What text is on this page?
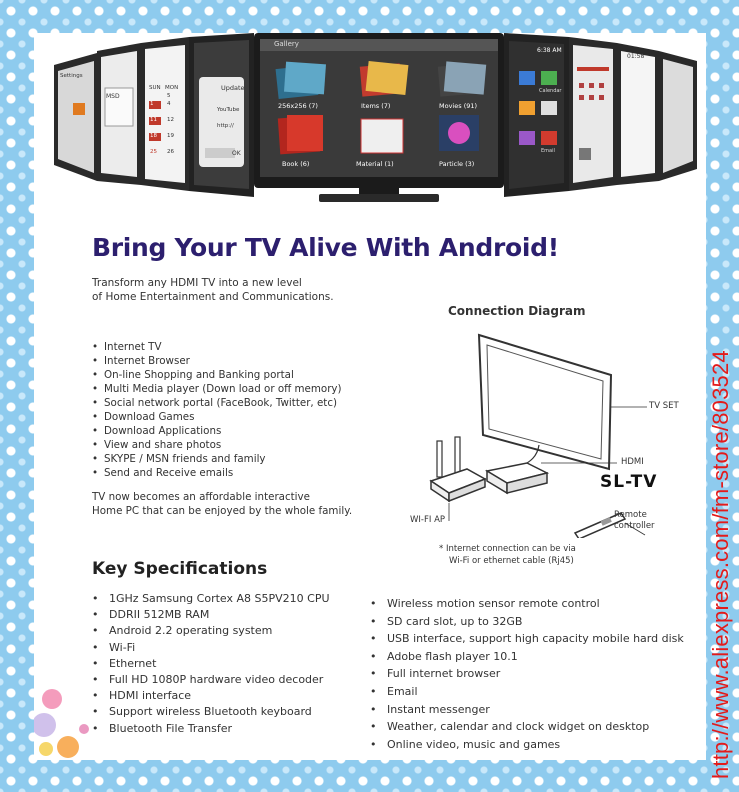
Gallery
256x256 (7)	Items (7)	Movies (91)
Book (6)	Material (1)	Particle (3)
Settings
MSD
SUN MON
1
11
18
25
4
12
19
26
5
Update
YouTube
http://
OK
6:38 AM
01:58
Calendar
Email
Bring Your TV Alive With Android!
Transform any HDMI TV into a new level
of Home Entertainment and Communications.
• Internet TV
• Internet Browser
• On-line Shopping and Banking portal
• Multi Media player (Down load or off memory)
• Social network portal (FaceBook, Twitter, etc)
• Download Games
• Download Applications
• View and share photos
• SKYPE / MSN friends and family
• Send and Receive emails
TV now becomes an affordable interactive
Home PC that can be enjoyed by the whole family.
Connection Diagram
TV SET
HDMI
SL-TV
WI-FI AP	Remote
controller
* Internet connection can be via
Wi-Fi or ethernet cable (Rj45)
Key Specifications
• 1GHz Samsung Cortex A8 S5PV210 CPU
• DDRII 512MB RAM
• Android 2.2 operating system
• Wi-Fi
• Ethernet
• Full HD 1080P hardware video decoder
• HDMI interface
• Support wireless Bluetooth keyboard
• Bluetooth File Transfer
• Wireless motion sensor remote control
• SD card slot, up to 32GB
• USB interface, support high capacity mobile hard disk
• Adobe flash player 10.1
• Full internet browser
• Email
• Instant messenger
• Weather, calendar and clock widget on desktop
• Online video, music and games	http://www.aliexpress.com/fm-store/803524
